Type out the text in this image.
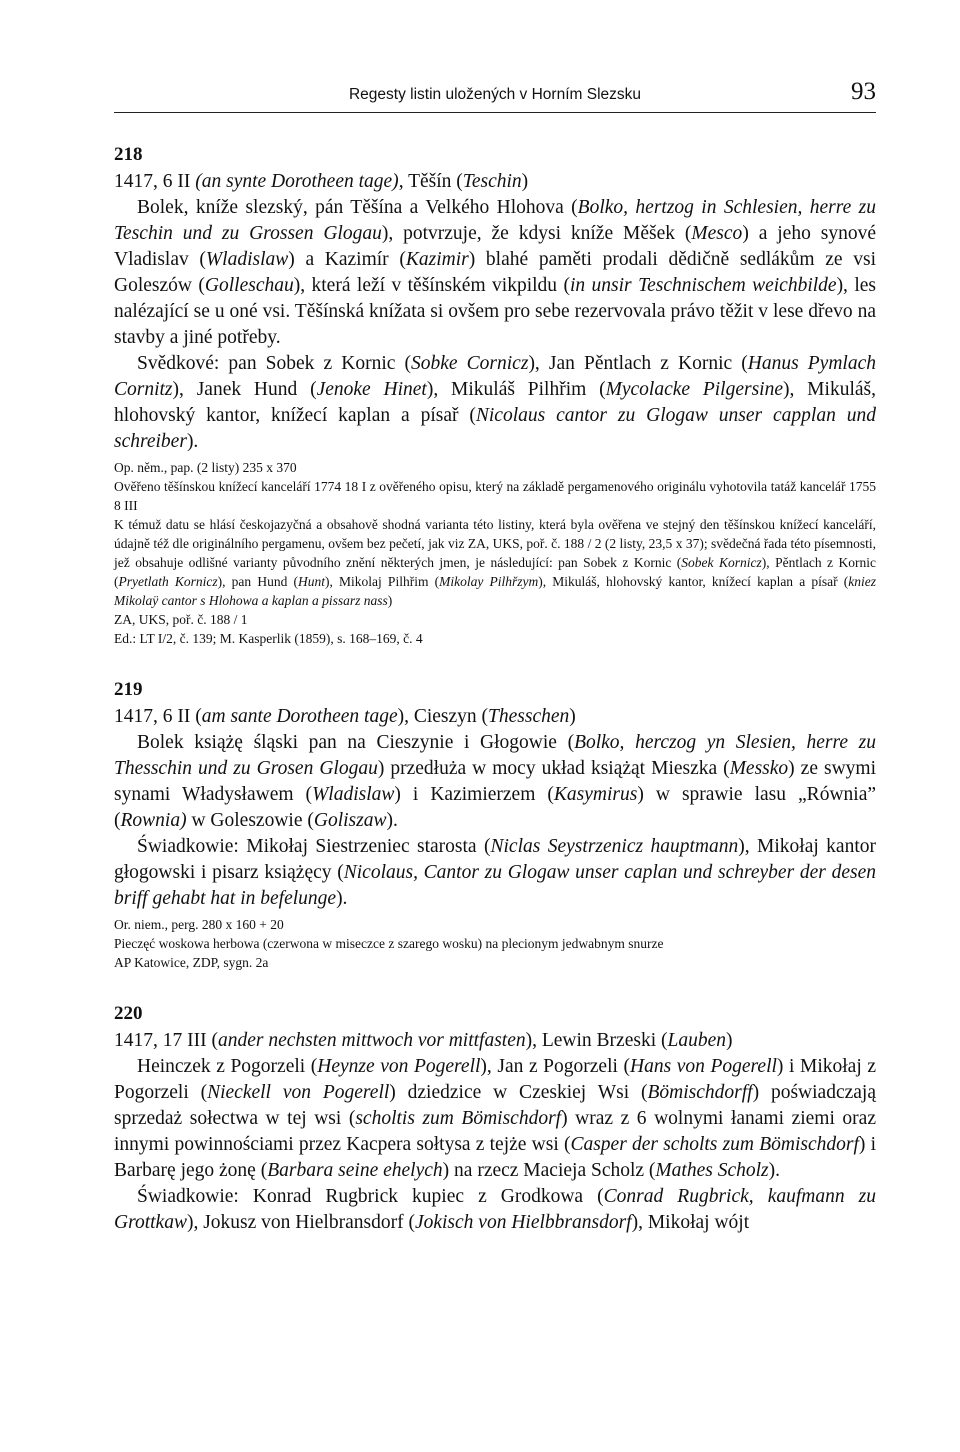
Regesty listin uložených v Horním Slezsku	93
218
1417, 6 II (an synte Dorotheen tage), Těšín (Teschin)

Bolek, kníže slezský, pán Těšína a Velkého Hlohova (Bolko, hertzog in Schlesien, herre zu Teschin und zu Grossen Glogau), potvrzuje, že kdysi kníže Měšek (Mesco) a jeho synové Vladislav (Wladislaw) a Kazimír (Kazimir) blahé paměti prodali dědičně sedlákům ze vsi Goleszów (Golleschau), která leží v těšínském vikpildu (in unsir Teschnischem weichbilde), les nalézající se u oné vsi. Těšínská knížata si ovšem pro sebe rezervovala právo těžit v lese dřevo na stavby a jiné potřeby.

Svědkové: pan Sobek z Kornic (Sobke Cornicz), Jan Pěntlach z Kornic (Hanus Pymlach Cornitz), Janek Hund (Jenoke Hinet), Mikuláš Pilhřim (Mycolacke Pilgersine), Mikuláš, hlohovský kantor, knížecí kaplan a písař (Nicolaus cantor zu Glogaw unser capplan und schreiber).

Op. něm., pap. (2 listy) 235 x 370

Ověřeno těšínskou knížecí kanceláří 1774 18 I z ověřeného opisu, který na základě pergamenového originálu vyhotovila tatáž kancelář 1755 8 III

K témuž datu se hlásí českojazyčná a obsahově shodná varianta této listiny, která byla ověřena ve stejný den těšínskou knížecí kanceláří, údajně též dle originálního pergamenu, ovšem bez pečetí, jak viz ZA, UKS, poř. č. 188 / 2 (2 listy, 23,5 x 37); svědečná řada této písemnosti, jež obsahuje odlišné varianty původního znění některých jmen, je následující: pan Sobek z Kornic (Sobek Kornicz), Pěntlach z Kornic (Pryetlath Kornicz), pan Hund (Hunt), Mikolaj Pilhřim (Mikolay Pilhřzym), Mikuláš, hlohovský kantor, knížecí kaplan a písař (kniez Mikolaÿ cantor s Hlohowa a kaplan a pissarz nass)

ZA, UKS, poř. č. 188 / 1

Ed.: LT I/2, č. 139; M. Kasperlik (1859), s. 168–169, č. 4

219
1417, 6 II (am sante Dorotheen tage), Cieszyn (Thesschen)

Bolek książę śląski pan na Cieszynie i Głogowie (Bolko, herczog yn Slesien, herre zu Thesschin und zu Grosen Glogau) przedłuża w mocy układ książąt Mieszka (Messko) ze swymi synami Władysławem (Wladislaw) i Kazimierzem (Kasymirus) w sprawie lasu „Równia” (Rownia) w Goleszowie (Goliszaw).

Świadkowie: Mikołaj Siestrzeniec starosta (Niclas Seystrzenicz hauptmann), Mikołaj kantor głogowski i pisarz książęcy (Nicolaus, Cantor zu Glogaw unser caplan und schreyber der desen briff gehabt hat in befelunge).

Or. niem., perg. 280 x 160 + 20

Pieczęć woskowa herbowa (czerwona w miseczce z szarego wosku) na plecionym jedwabnym snurze

AP Katowice, ZDP, sygn. 2a

220
1417, 17 III (ander nechsten mittwoch vor mittfasten), Lewin Brzeski (Lauben)

Heinczek z Pogorzeli (Heynze von Pogerell), Jan z Pogorzeli (Hans von Pogerell) i Mikołaj z Pogorzeli (Nieckell von Pogerell) dziedzice w Czeskiej Wsi (Bömischdorff) poświadczają sprzedaż sołectwa w tej wsi (scholtis zum Bömischdorf) wraz z 6 wolnymi łanami ziemi oraz innymi powinnościami przez Kacpera sołtysa z tejże wsi (Casper der scholts zum Bömischdorf) i Barbarę jego żonę (Barbara seine ehelych) na rzecz Macieja Scholz (Mathes Scholz).

Świadkowie: Konrad Rugbrick kupiec z Grodkowa (Conrad Rugbrick, kaufmann zu Grottkaw), Jokusz von Hielbransdorf (Jokisch von Hielbbransdorf), Mikołaj wójt
